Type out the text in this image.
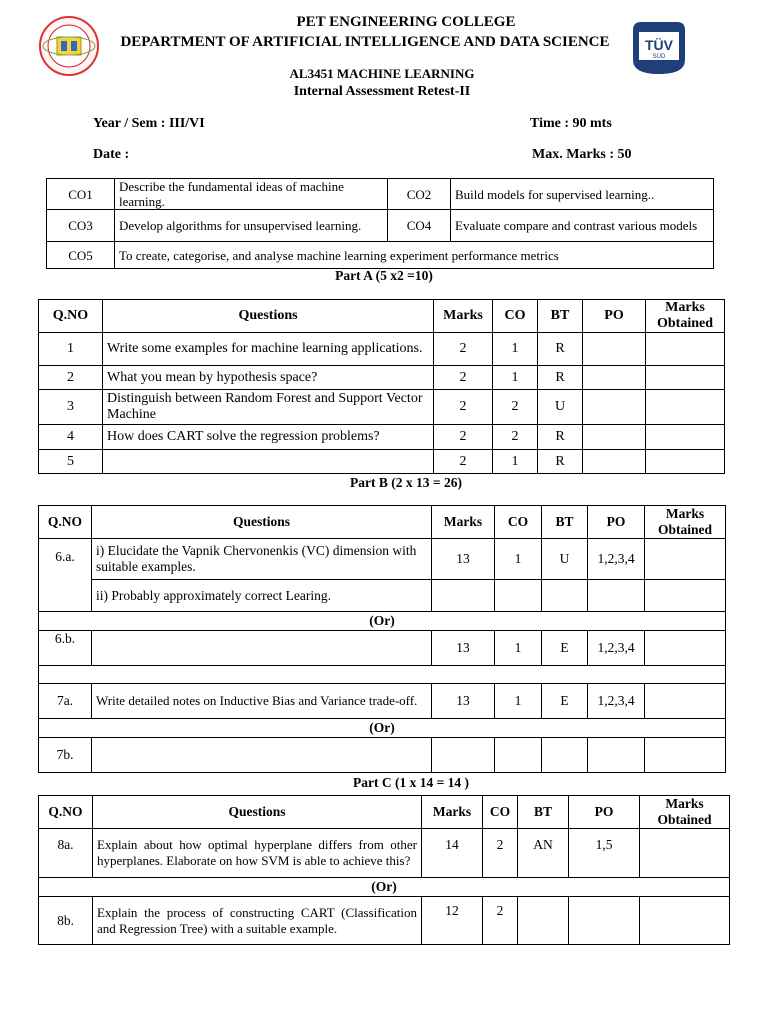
TÜV
SÜD
PET ENGINEERING COLLEGE
DEPARTMENT OF ARTIFICIAL INTELLIGENCE AND DATA SCIENCE
AL3451 MACHINE LEARNING
Internal Assessment Retest-II
Year / Sem : III/VI	Time : 90 mts
Date :	Max. Marks : 50
CO1	Describe the fundamental ideas of machine learning.	CO2	Build models for supervised learning..
CO3	Develop algorithms for unsupervised learning.	CO4	Evaluate compare and contrast various models
CO5	To create, categorise, and analyse machine learning experiment performance metrics		
Part A (5 x2 =10)
Q.NO	Questions	Marks	CO	BT	PO	Marks Obtained
1	Write some examples for machine learning applications.	2	1	R		
2	What you mean by hypothesis space?	2	1	R		
3	Distinguish between Random Forest and Support Vector Machine	2	2	U		
4	How does CART solve the regression problems?	2	2	R		
5		2	1	R		
Part B (2 x 13 = 26)
Q.NO	Questions	Marks	CO	BT	PO	Marks Obtained
6.a.	i) Elucidate the Vapnik Chervonenkis (VC) dimension with suitable examples.	13	1	U	1,2,3,4	
	ii) Probably approximately correct Learing.					
(Or)						
6.b.		13	1	E	1,2,3,4	

7a.	Write detailed notes on Inductive Bias and Variance trade-off.	13	1	E	1,2,3,4	
(Or)						
7b.						
Part C (1 x 14 = 14 )
Q.NO	Questions	Marks	CO	BT	PO	Marks Obtained
8a.	Explain about how optimal hyperplane differs from other hyperplanes. Elaborate on how SVM is able to achieve this?	14	2	AN	1,5	
(Or)						
8b.	Explain the process of constructing CART (Classification and Regression Tree) with a suitable example.	12	2			
